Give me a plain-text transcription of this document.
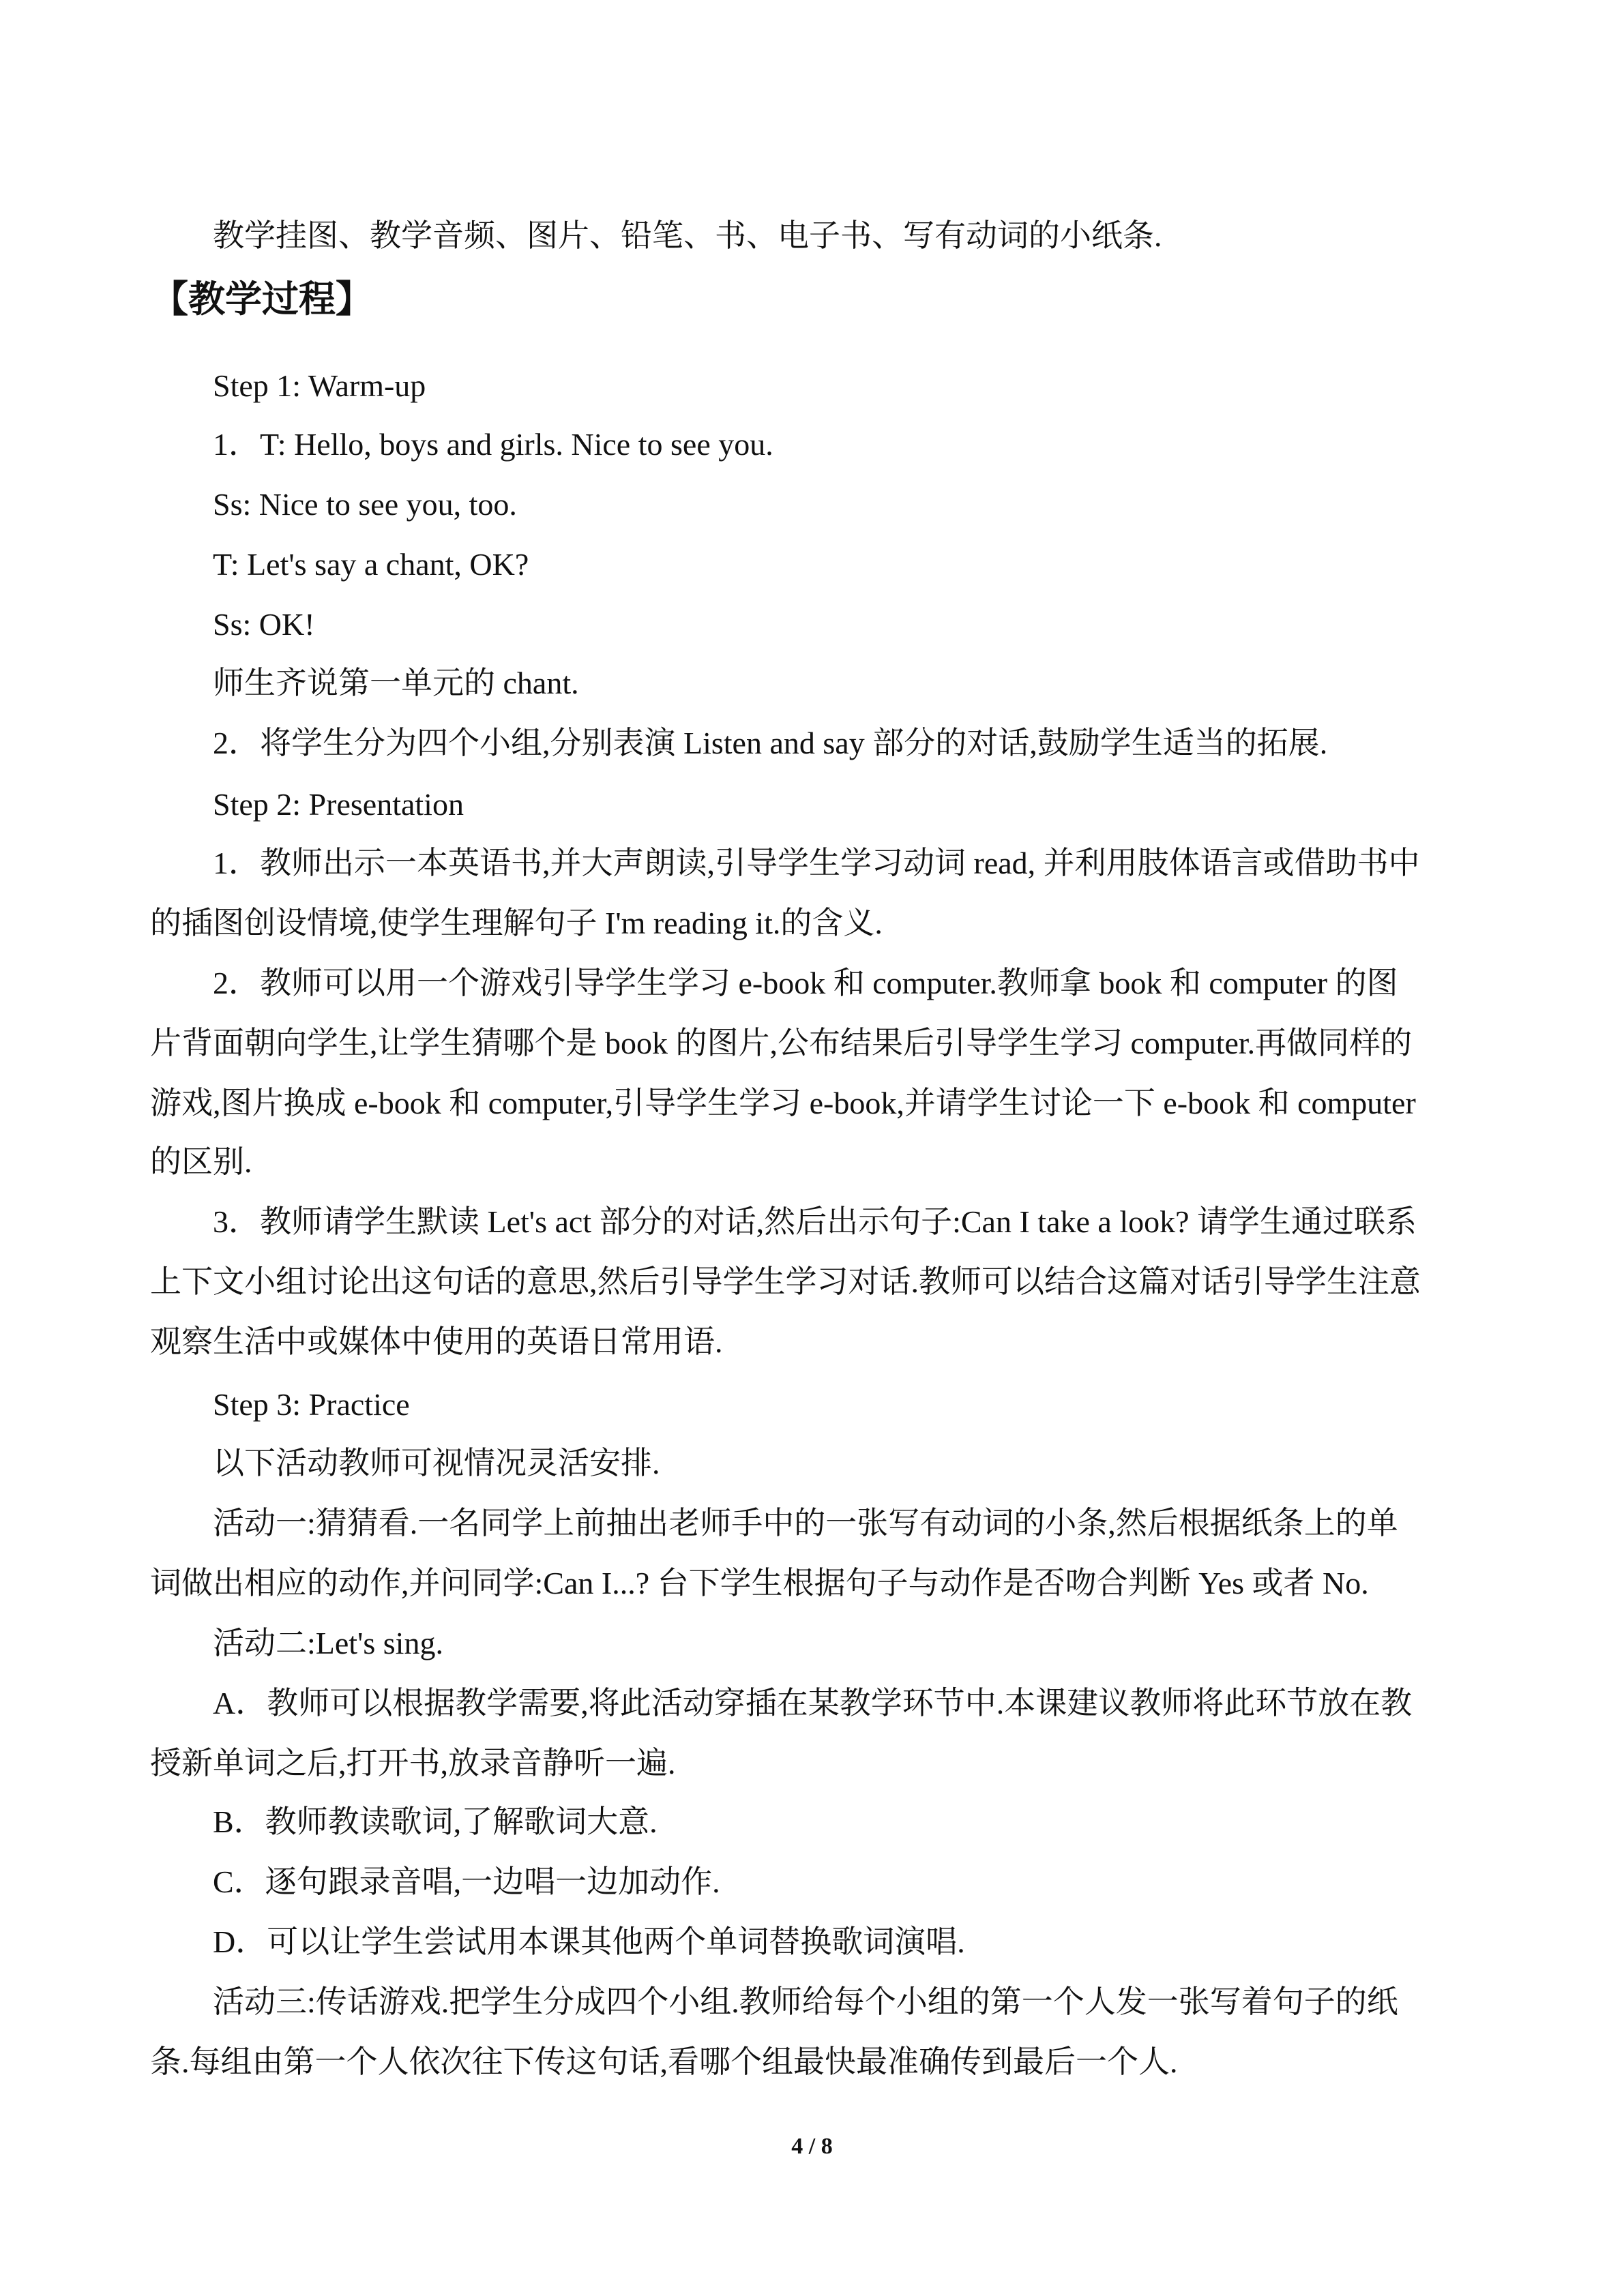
教学挂图、教学音频、图片、铅笔、书、电子书、写有动词的小纸条.
【教学过程】
Step 1: Warm-up
1．T: Hello, boys and girls. Nice to see you.
Ss: Nice to see you, too.
T: Let's say a chant, OK?
Ss: OK!
师生齐说第一单元的 chant.
2．将学生分为四个小组,分别表演 Listen and say 部分的对话,鼓励学生适当的拓展.
Step 2: Presentation
1．教师出示一本英语书,并大声朗读,引导学生学习动词 read, 并利用肢体语言或借助书中
的插图创设情境,使学生理解句子 I'm reading it.的含义.
2．教师可以用一个游戏引导学生学习 e-book 和 computer.教师拿 book 和 computer 的图
片背面朝向学生,让学生猜哪个是 book 的图片,公布结果后引导学生学习 computer.再做同样的
游戏,图片换成 e-book 和 computer,引导学生学习 e-book,并请学生讨论一下 e-book 和 computer
的区别.
3．教师请学生默读 Let's act 部分的对话,然后出示句子:Can I take a look? 请学生通过联系
上下文小组讨论出这句话的意思,然后引导学生学习对话.教师可以结合这篇对话引导学生注意
观察生活中或媒体中使用的英语日常用语.
Step 3: Practice
以下活动教师可视情况灵活安排.
活动一:猜猜看.一名同学上前抽出老师手中的一张写有动词的小条,然后根据纸条上的单
词做出相应的动作,并问同学:Can I...? 台下学生根据句子与动作是否吻合判断 Yes 或者 No.
活动二:Let's sing.
A．教师可以根据教学需要,将此活动穿插在某教学环节中.本课建议教师将此环节放在教
授新单词之后,打开书,放录音静听一遍.
B．教师教读歌词,了解歌词大意.
C．逐句跟录音唱,一边唱一边加动作.
D．可以让学生尝试用本课其他两个单词替换歌词演唱.
活动三:传话游戏.把学生分成四个小组.教师给每个小组的第一个人发一张写着句子的纸
条.每组由第一个人依次往下传这句话,看哪个组最快最准确传到最后一个人.
4 / 8
